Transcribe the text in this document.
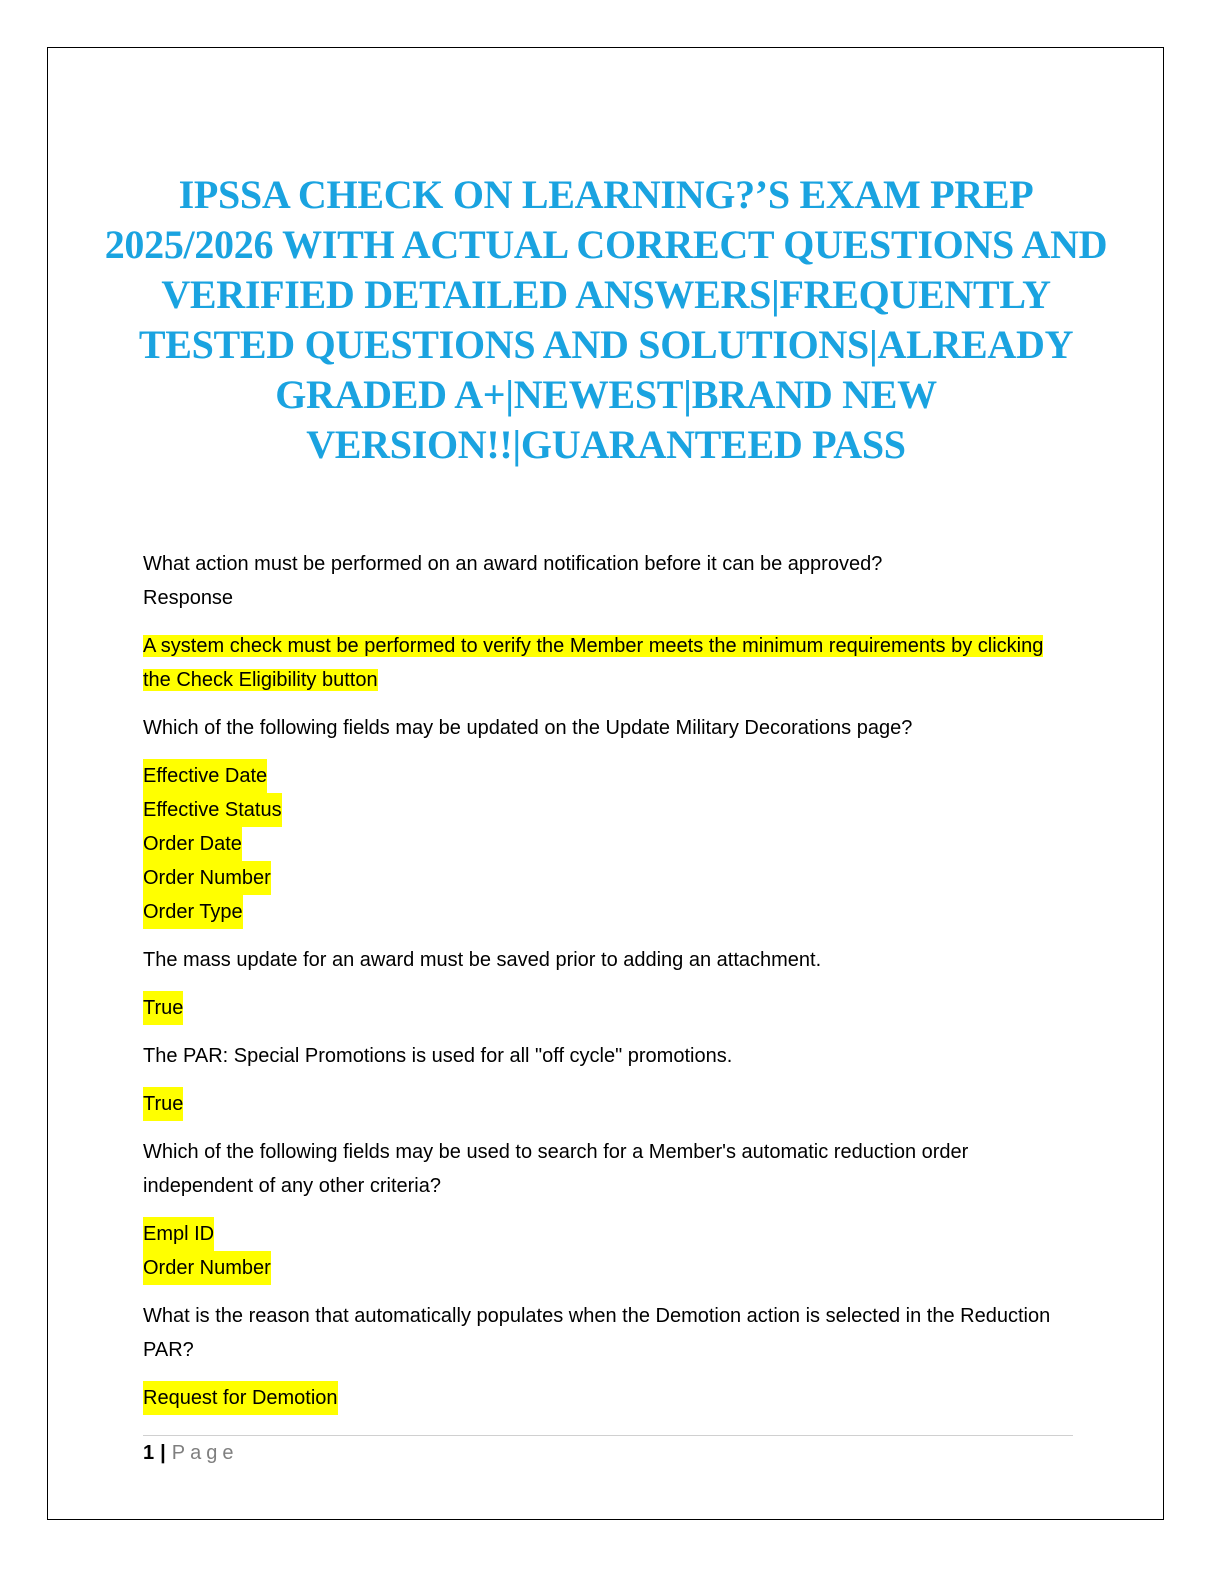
IPSSA CHECK ON LEARNING?’S EXAM PREP 2025/2026 WITH ACTUAL CORRECT QUESTIONS AND VERIFIED DETAILED ANSWERS|FREQUENTLY TESTED QUESTIONS AND SOLUTIONS|ALREADY GRADED A+|NEWEST|BRAND NEW VERSION!!|GUARANTEED PASS
What action must be performed on an award notification before it can be approved?
Response
A system check must be performed to verify the Member meets the minimum requirements by clicking the Check Eligibility button
Which of the following fields may be updated on the Update Military Decorations page?
Effective Date
Effective Status
Order Date
Order Number
Order Type
The mass update for an award must be saved prior to adding an attachment.
True
The PAR: Special Promotions is used for all "off cycle" promotions.
True
Which of the following fields may be used to search for a Member's automatic reduction order independent of any other criteria?
Empl ID
Order Number
What is the reason that automatically populates when the Demotion action is selected in the Reduction PAR?
Request for Demotion
1 | Page
